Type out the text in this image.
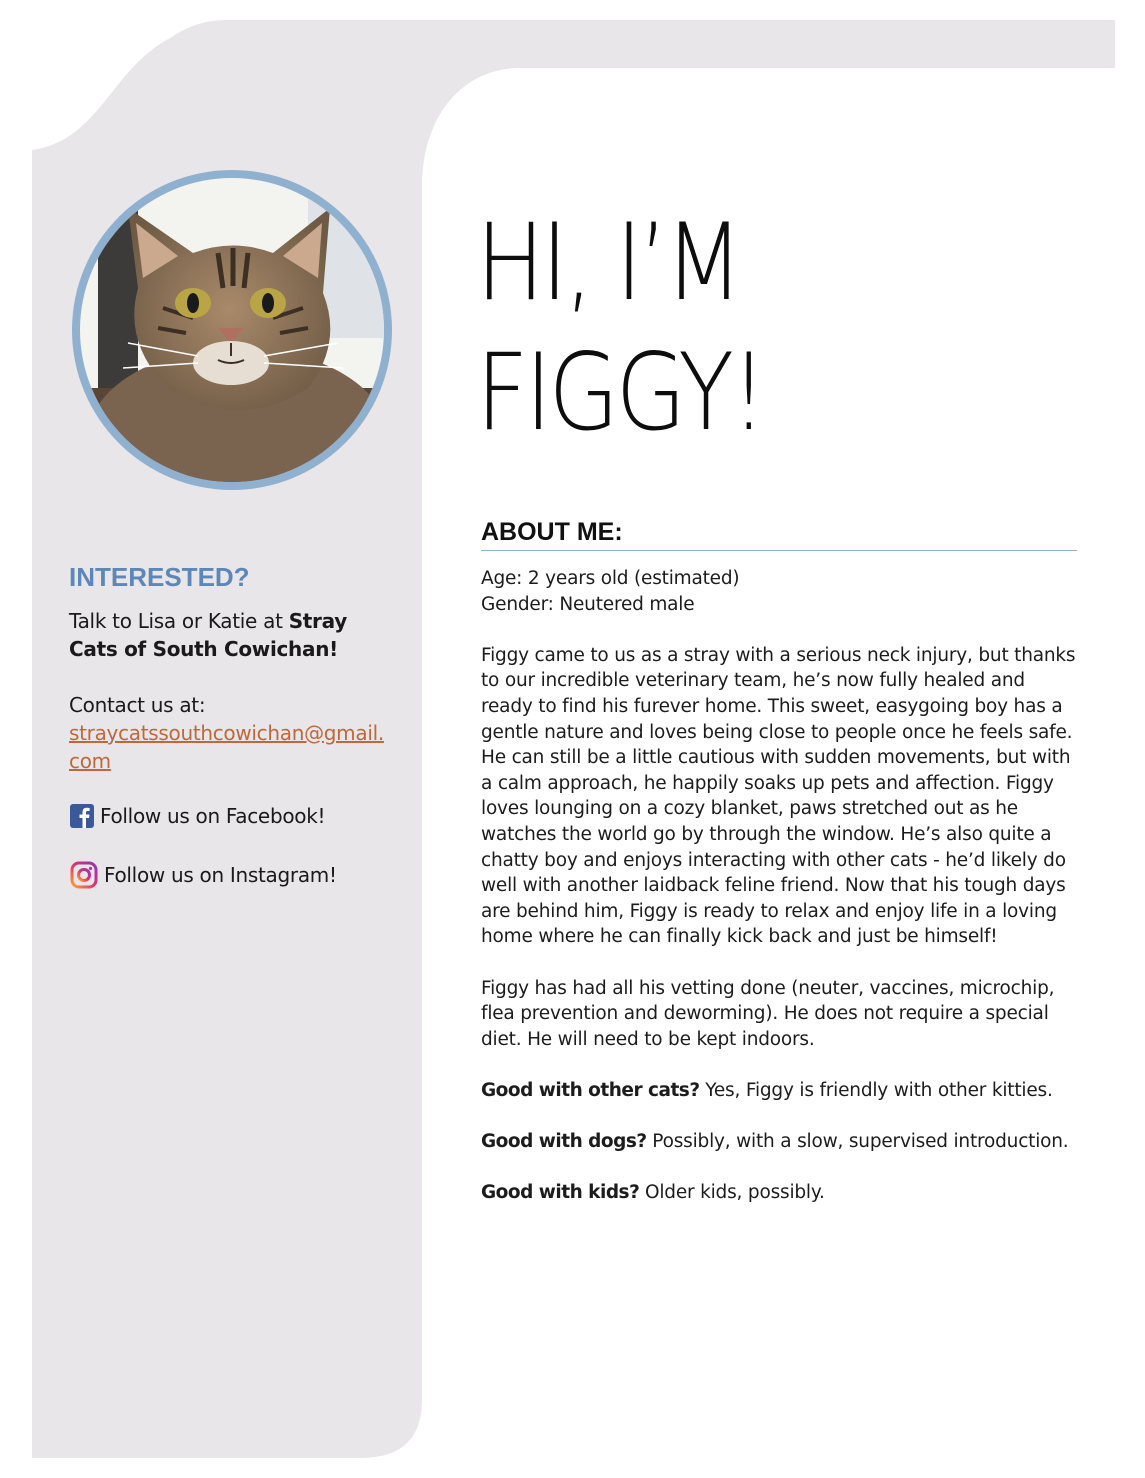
HI, I’M
FIGGY!
ABOUT ME:

Age: 2 years old (estimated)
Gender: Neutered male

Figgy came to us as a stray with a serious neck injury, but thanks to our incredible veterinary team, he’s now fully healed and ready to find his furever home. This sweet, easygoing boy has a gentle nature and loves being close to people once he feels safe. He can still be a little cautious with sudden movements, but with a calm approach, he happily soaks up pets and affection. Figgy loves lounging on a cozy blanket, paws stretched out as he watches the world go by through the window. He’s also quite a chatty boy and enjoys interacting with other cats - he’d likely do well with another laidback feline friend. Now that his tough days are behind him, Figgy is ready to relax and enjoy life in a loving home where he can finally kick back and just be himself!

Figgy has had all his vetting done (neuter, vaccines, microchip, flea prevention and deworming). He does not require a special diet. He will need to be kept indoors.

Good with other cats? Yes, Figgy is friendly with other kitties.

Good with dogs? Possibly, with a slow, supervised introduction.

Good with kids? Older kids, possibly.

INTERESTED?

Talk to Lisa or Katie at Stray Cats of South Cowichan!

Contact us at:
straycatssouthcowichan@gmail.com

Follow us on Facebook!
Follow us on Instagram!
